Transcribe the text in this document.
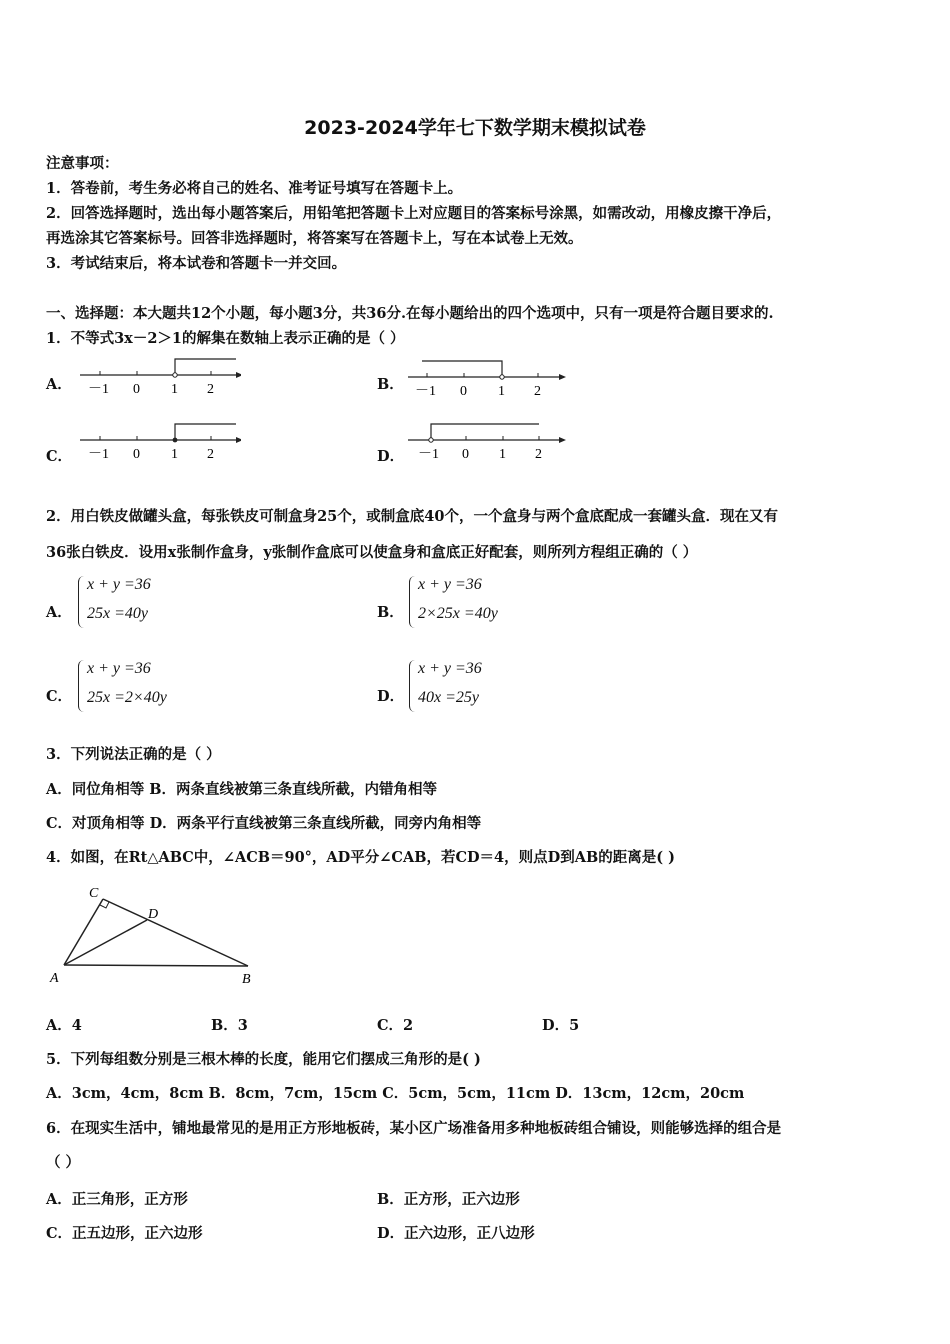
2023-2024学年七下数学期末模拟试卷
注意事项：
1．答卷前，考生务必将自己的姓名、准考证号填写在答题卡上。
2．回答选择题时，选出每小题答案后，用铅笔把答题卡上对应题目的答案标号涂黑，如需改动，用橡皮擦干净后，
再选涂其它答案标号。回答非选择题时，将答案写在答题卡上，写在本试卷上无效。
3．考试结束后，将本试卷和答题卡一并交回。
一、选择题：本大题共12个小题，每小题3分，共36分.在每小题给出的四个选项中，只有一项是符合题目要求的.
1．不等式3x－2＞1的解集在数轴上表示正确的是（ ）
A． －1 0 1 2	B． －1 0 1 2
C． －1 0 1 2	D． －1 0 1 2
2．用白铁皮做罐头盒，每张铁皮可制盒身25个，或制盒底40个，一个盒身与两个盒底配成一套罐头盒．现在又有
36张白铁皮．设用x张制作盒身，y张制作盒底可以使盒身和盒底正好配套，则所列方程组正确的（ ）
A．
x + y =36
25x =40y	B．
x + y =36
2×25x =40y
C．
x + y =36
25x =2×40y	D．
x + y =36
40x =25y
3．下列说法正确的是（ ）
A．同位角相等 B．两条直线被第三条直线所截，内错角相等
C．对顶角相等 D．两条平行直线被第三条直线所截，同旁内角相等
4．如图，在Rt△ABC中，∠ACB＝90°，AD平分∠CAB，若CD＝4，则点D到AB的距离是( )
C
D
A	B
A．4	B．3	C．2	D．5
5．下列每组数分别是三根木棒的长度，能用它们摆成三角形的是( )
A．3cm，4cm，8cm B．8cm，7cm，15cm C．5cm，5cm，11cm D．13cm，12cm，20cm
6．在现实生活中，铺地最常见的是用正方形地板砖，某小区广场准备用多种地板砖组合铺设，则能够选择的组合是
（ ）
A．正三角形，正方形	B．正方形，正六边形
C．正五边形，正六边形	D．正六边形，正八边形
